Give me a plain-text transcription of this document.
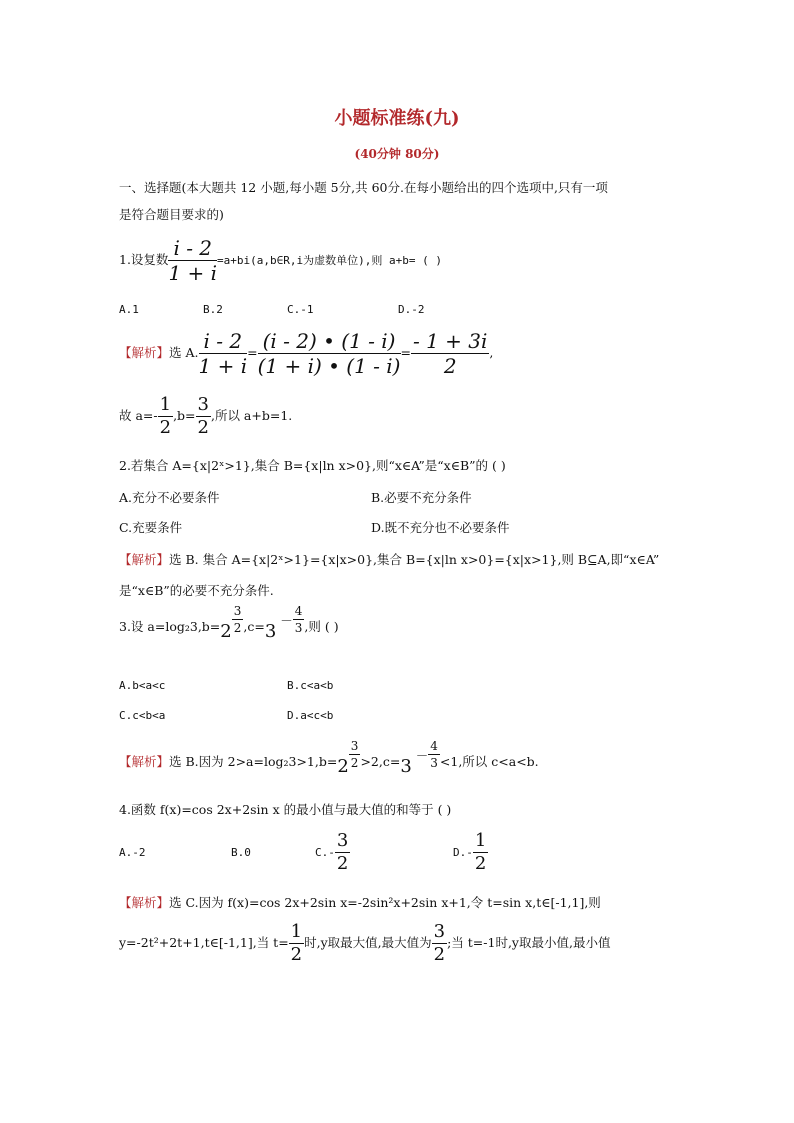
小题标准练(九)
(40分钟 80分)
一、选择题(本大题共 12 小题,每小题 5分,共 60分.在每小题给出的四个选项中,只有一项
是符合题目要求的)
1.设复数 $\frac{i - 2}{1 + i}$ =a+bi(a,b∈R,i为虚数单位),则 a+b= ( )
A.1	B.2	C.-1	D.-2
【解析】选 A. $\frac{i - 2}{1 + i} = \frac{(i - 2) • (1 - i)}{(1 + i) • (1 - i)} = \frac{- 1 + 3i}{2}$ ,
故 $a=- \frac{1}{2} ,b= \frac{3}{2}$ ,所以 a+b=1.
2.若集合 A={x|2ˣ>1},集合 B={x|ln x>0},则“x∈A”是“x∈B”的 ( )
A.充分不必要条件	B.必要不充分条件
C.充要条件	D.既不充分也不必要条件
【解析】选 B. 集合 A={x|2ˣ>1}={x|x>0},集合 B={x|ln x>0}={x|x>1},则 B⊆A,即“x∈A”
是“x∈B”的必要不充分条件.
3.设 $a=\log_23,b=2 \frac{3}{2} ,c=3 - \frac{4}{3}$ ,则 ( )
A.b<a<c	B.c<a<b
C.c<b<a	D.a<c<b
【解析】选 B.因为 $2>a=\log_23>1,b=2 \frac{3}{2} >2,c=3 - \frac{4}{3} <1$,所以 c<a<b.
4.函数 f(x)=cos 2x+2sin x 的最小值与最大值的和等于 ( )
A.-2	B.0	$C.- \frac{3}{2}$	$D.- \frac{1}{2}$
【解析】选 C.因为 f(x)=cos 2x+2sin x=-2sin²x+2sin x+1,令 t=sin x,t∈[-1,1],则
y=-2t²+2t+1,t∈[-1,1],当 $t= \frac{1}{2}$ 时,y取最大值,最大值为 $\frac{3}{2}$ ;当 t=-1时,y取最小值,最小值
